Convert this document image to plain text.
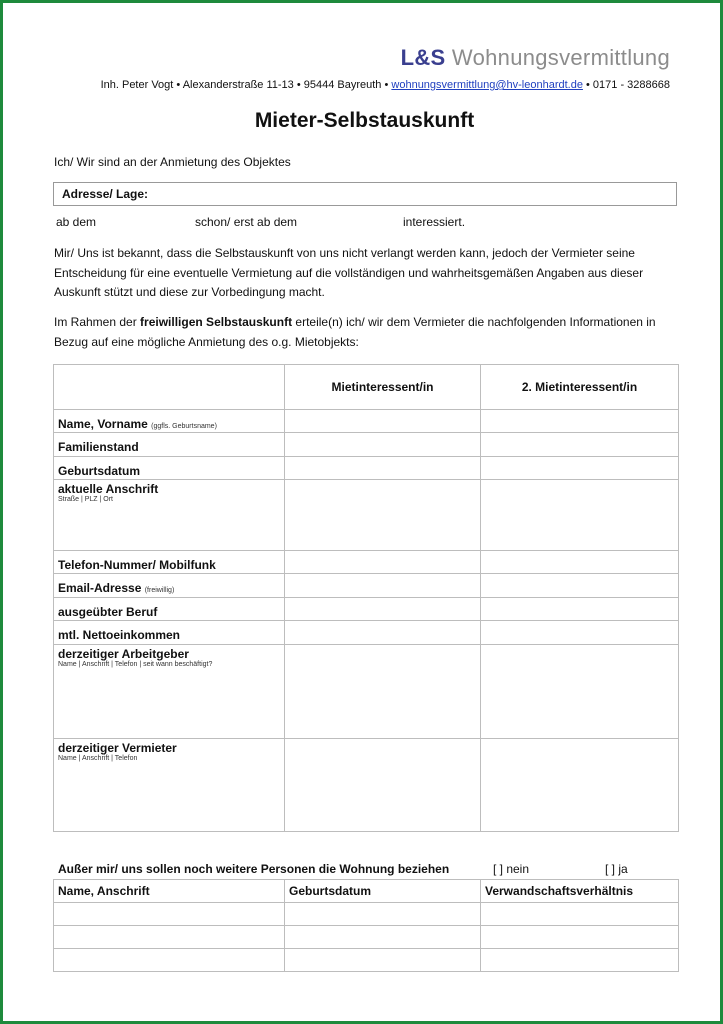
L&S Wohnungsvermittlung
Inh. Peter Vogt • Alexanderstraße 11-13 • 95444 Bayreuth • wohnungsvermittlung@hv-leonhardt.de • 0171 - 3288668
Mieter-Selbstauskunft
Ich/ Wir sind an der Anmietung des Objektes
Adresse/ Lage:
ab dem	schon/ erst ab dem	interessiert.
Mir/ Uns ist bekannt, dass die Selbstauskunft von uns nicht verlangt werden kann, jedoch der Vermieter seine Entscheidung für eine eventuelle Vermietung auf die vollständigen und wahrheitsgemäßen Angaben aus dieser Auskunft stützt und diese zur Vorbedingung macht.
Im Rahmen der freiwilligen Selbstauskunft erteile(n) ich/ wir dem Vermieter die nachfolgenden Informationen in Bezug auf eine mögliche Anmietung des o.g. Mietobjekts:
	Mietinteressent/in	2. Mietinteressent/in
Name, Vorname (ggfls. Geburtsname)		
Familienstand		
Geburtsdatum		

aktuelle Anschrift
Straße | PLZ | Ort		

Telefon-Nummer/ Mobilfunk		
Email-Adresse (freiwillig)		
ausgeübter Beruf		
mtl. Nettoeinkommen		

derzeitiger Arbeitgeber
Name | Anschrift | Telefon | seit wann beschäftigt?		

derzeitiger Vermieter
Name | Anschrift | Telefon		

Außer mir/ uns sollen noch weitere Personen die Wohnung beziehen	[ ] nein	[ ] ja
Name, Anschrift	Geburtsdatum	Verwandschaftsverhältnis
